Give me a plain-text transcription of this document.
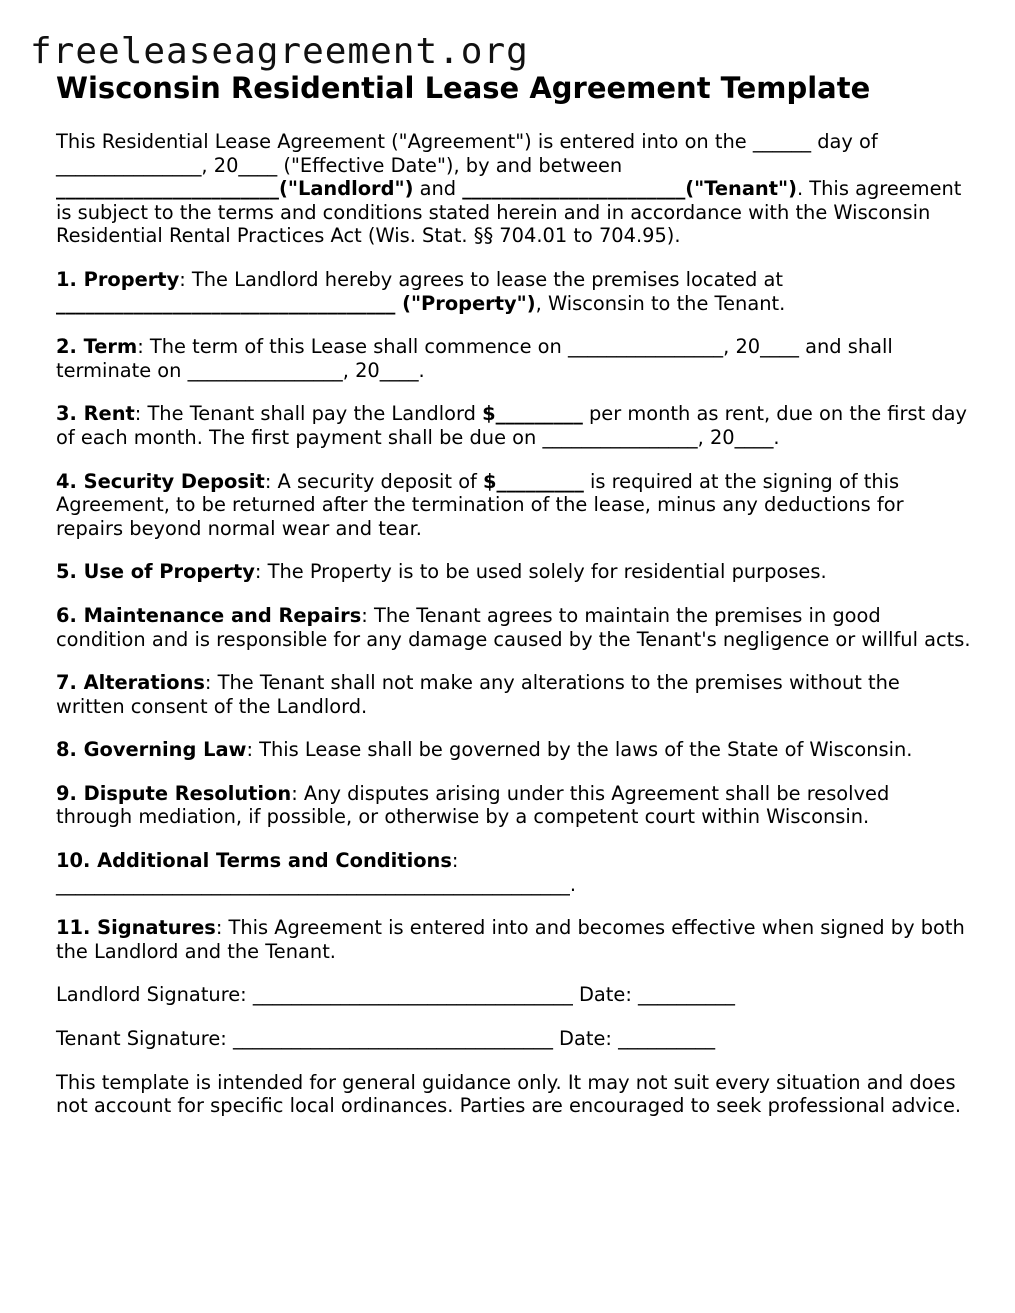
freeleaseagreement.org
Wisconsin Residential Lease Agreement Template

This Residential Lease Agreement ("Agreement") is entered into on the ______ day of _______________, 20____ ("Effective Date"), by and between _______________________("Landlord") and _______________________("Tenant"). This agreement is subject to the terms and conditions stated herein and in accordance with the Wisconsin Residential Rental Practices Act (Wis. Stat. §§ 704.01 to 704.95).

1. Property: The Landlord hereby agrees to lease the premises located at ___________________________________ ("Property"), Wisconsin to the Tenant.

2. Term: The term of this Lease shall commence on ________________, 20____ and shall terminate on ________________, 20____.

3. Rent: The Tenant shall pay the Landlord $_________ per month as rent, due on the first day of each month. The first payment shall be due on ________________, 20____.

4. Security Deposit: A security deposit of $_________ is required at the signing of this Agreement, to be returned after the termination of the lease, minus any deductions for repairs beyond normal wear and tear.

5. Use of Property: The Property is to be used solely for residential purposes.

6. Maintenance and Repairs: The Tenant agrees to maintain the premises in good condition and is responsible for any damage caused by the Tenant's negligence or willful acts.

7. Alterations: The Tenant shall not make any alterations to the premises without the written consent of the Landlord.

8. Governing Law: This Lease shall be governed by the laws of the State of Wisconsin.

9. Dispute Resolution: Any disputes arising under this Agreement shall be resolved through mediation, if possible, or otherwise by a competent court within Wisconsin.

10. Additional Terms and Conditions:
_____________________________________________________.

11. Signatures: This Agreement is entered into and becomes effective when signed by both the Landlord and the Tenant.

Landlord Signature: _________________________________ Date: __________

Tenant Signature: _________________________________ Date: __________

This template is intended for general guidance only. It may not suit every situation and does not account for specific local ordinances. Parties are encouraged to seek professional advice.
